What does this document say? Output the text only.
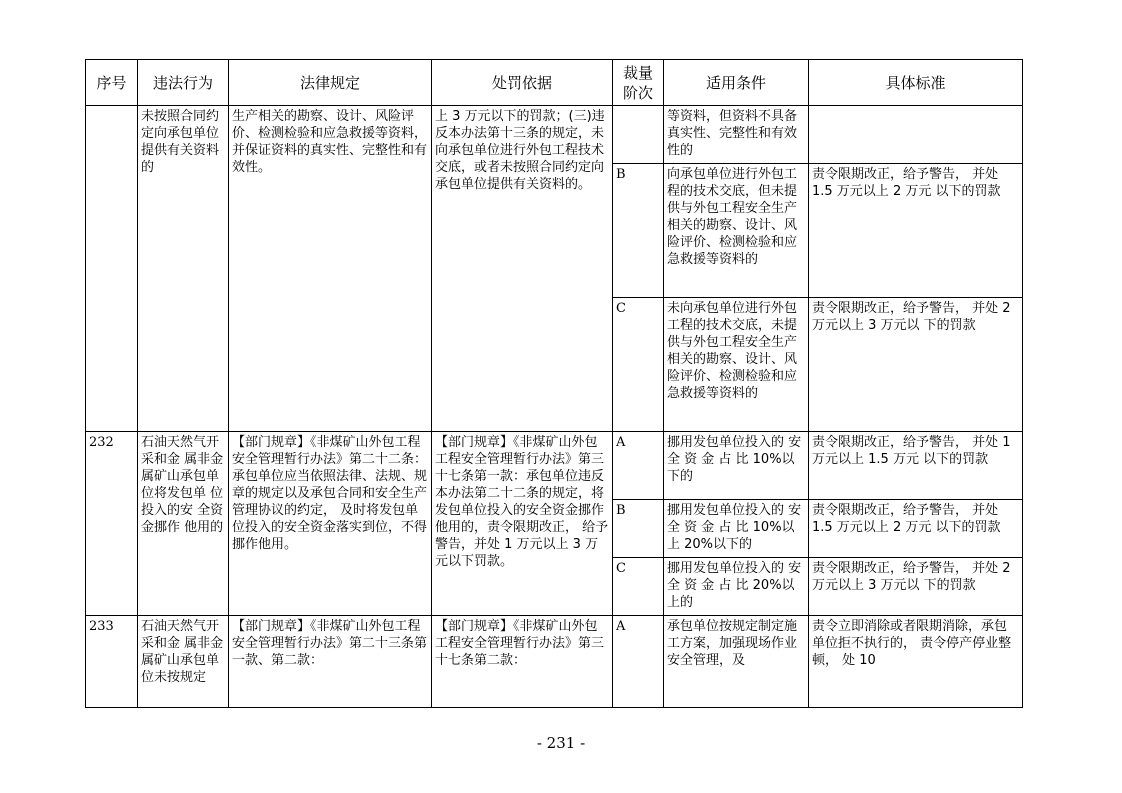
序号	违法行为	法律规定	处罚依据	裁量阶次	适用条件	具体标准
	未按照合同约定向承包单位提供有关资料的	生产相关的勘察、设计、风险评价、检测检验和应急救援等资料， 并保证资料的真实性、完整性和有效性。	上 3 万元以下的罚款；(三)违反本办法第十三条的规定，未向承包单位进行外包工程技术交底，或者未按照合同约定向承包单位提供有关资料的。		等资料，但资料不具备真实性、完整性和有效性的	
				B	向承包单位进行外包工程的技术交底，但未提供与外包工程安全生产相关的勘察、设计、风险评价、检测检验和应急救援等资料的	责令限期改正，给予警告， 并处 1.5 万元以上 2 万元 以下的罚款
				C	未向承包单位进行外包工程的技术交底，未提供与外包工程安全生产相关的勘察、设计、风险评价、检测检验和应急救援等资料的	责令限期改正，给予警告， 并处 2 万元以上 3 万元以 下的罚款
232	石油天然气开采和金 属非金属矿山承包单 位将发包单 位投入的安 全资金挪作 他用的	【部门规章】《非煤矿山外包工程安全管理暂行办法》第二十二条： 承包单位应当依照法律、法规、规章的规定以及承包合同和安全生产管理协议的约定， 及时将发包单位投入的安全资金落实到位，不得挪作他用。	【部门规章】《非煤矿山外包工程安全管理暂行办法》第三十七条第一款：承包单位违反本办法第二十二条的规定，将发包单位投入的安全资金挪作他用的，责令限期改正， 给予警告，并处 1 万元以上 3 万元以下罚款。	A	挪用发包单位投入的 安 全 资 金 占 比 10%以下的	责令限期改正，给予警告， 并处 1 万元以上 1.5 万元 以下的罚款
				B	挪用发包单位投入的 安 全 资 金 占 比 10%以上 20%以下的	责令限期改正，给予警告， 并处 1.5 万元以上 2 万元 以下的罚款
				C	挪用发包单位投入的 安 全 资 金 占 比 20%以上的	责令限期改正，给予警告， 并处 2 万元以上 3 万元以 下的罚款
233	石油天然气开采和金 属非金属矿山承包单 位未按规定	【部门规章】《非煤矿山外包工程安全管理暂行办法》第二十三条第一款、第二款：	【部门规章】《非煤矿山外包工程安全管理暂行办法》第三十七条第二款：	A	承包单位按规定制定施工方案，加强现场作业安全管理，及	责令立即消除或者限期消除，承包单位拒不执行的， 责令停产停业整顿， 处 10
- 231 -
